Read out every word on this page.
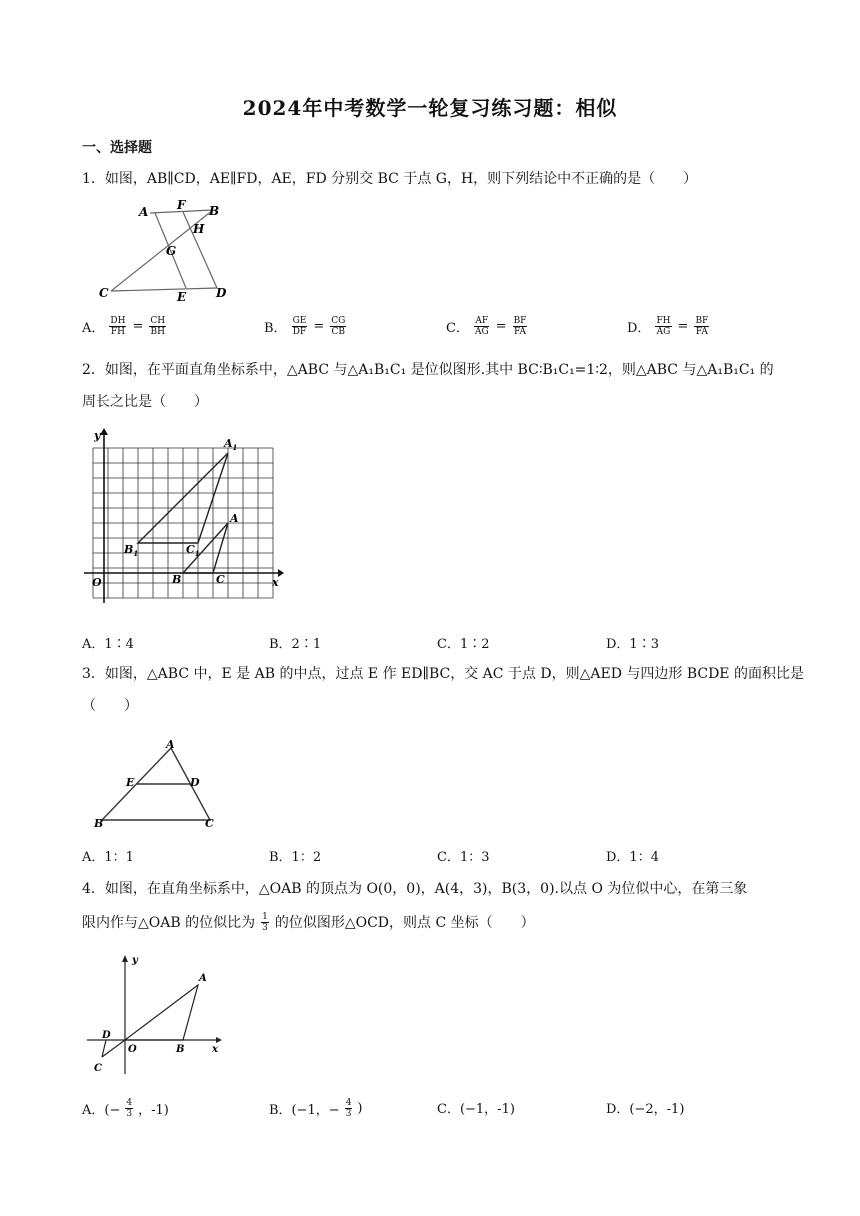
2024年中考数学一轮复习练习题：相似
一、选择题
1．如图，AB∥CD，AE∥FD，AE，FD 分别交 BC 于点 G，H，则下列结论中不正确的是（　　）
A F B
H
G
C	E D
A． $\frac{DH}{FH} = \frac{CH}{BH}$	B． $\frac{GE}{DF} = \frac{CG}{CB}$	C． $\frac{AF}{AG} = \frac{BF}{FA}$	D． $\frac{FH}{AG} = \frac{BF}{FA}$
2．如图，在平面直角坐标系中，△ABC 与△A₁B₁C₁ 是位似图形.其中 BC∶B₁C₁=1∶2，则△ABC 与△A₁B₁C₁ 的
周长之比是（　　）
y
x
O
$A_1$
$B_1$	$C_1$
A
B	C
A．1∶4	B．2∶1	C．1∶2	D．1∶3
3．如图，△ABC 中，E 是 AB 的中点，过点 E 作 ED∥BC，交 AC 于点 D，则△AED 与四边形 BCDE 的面积比是
（　　）
A
E	D
B	C
A．1：1	B．1：2	C．1：3	D．1：4
4．如图，在直角坐标系中，△OAB 的顶点为 O(0，0)，A(4，3)，B(3，0).以点 O 为位似中心，在第三象
限内作与△OAB 的位似比为 $\frac{1}{3}$ 的位似图形△OCD，则点 C 坐标（　　）
y
x
A
O	B
D
C
A．(− $\frac{4}{3}$ ，-1)	B．(−1，− $\frac{4}{3}$ )	C．(−1，-1)	D．(−2，-1)
